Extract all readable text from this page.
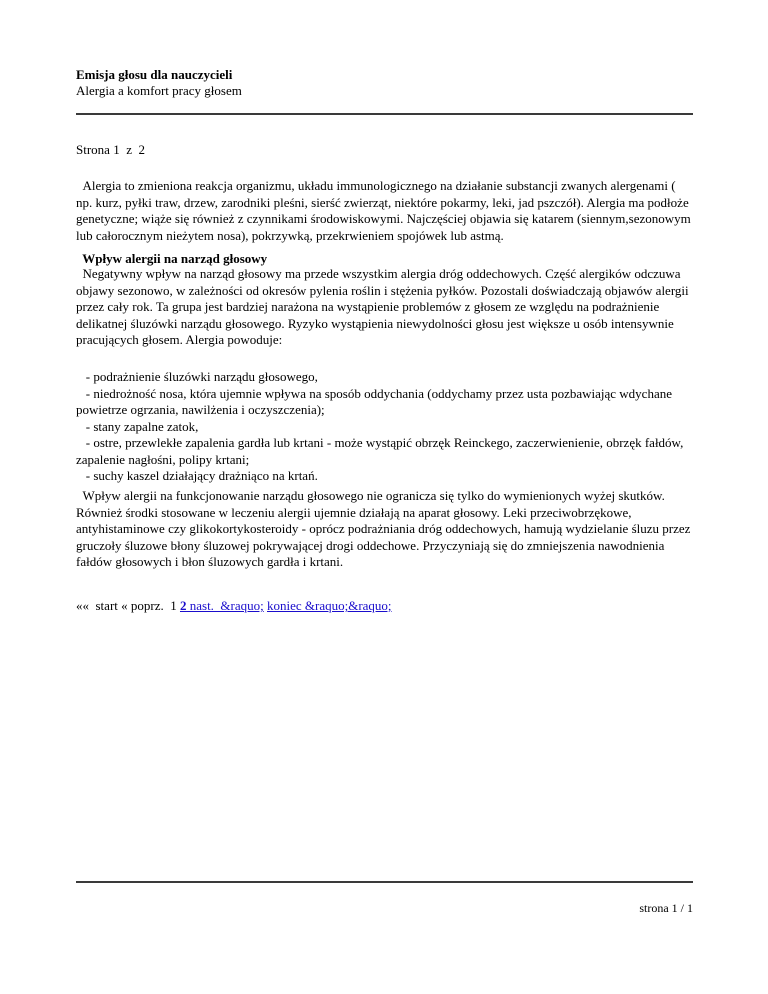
Emisja głosu dla nauczycieli
Alergia a komfort pracy głosem
Strona 1  z  2
Alergia to zmieniona reakcja organizmu, układu immunologicznego na działanie substancji zwanych alergenami ( np. kurz, pyłki traw, drzew, zarodniki pleśni, sierść zwierząt, niektóre pokarmy, leki, jad pszczół). Alergia ma podłoże genetyczne; wiąże się również z czynnikami środowiskowymi. Najczęściej objawia się katarem (siennym,sezonowym lub całorocznym nieżytem nosa), pokrzywką, przekrwieniem spojówek lub astmą.
Wpływ alergii na narząd głosowy
Negatywny wpływ na narząd głosowy ma przede wszystkim alergia dróg oddechowych. Część alergików odczuwa objawy sezonowo, w zależności od okresów pylenia roślin i stężenia pyłków. Pozostali doświadczają objawów alergii przez cały rok. Ta grupa jest bardziej narażona na wystąpienie problemów z głosem ze względu na podrażnienie delikatnej śluzówki narządu głosowego. Ryzyko wystąpienia niewydolności głosu jest większe u osób intensywnie pracujących głosem. Alergia powoduje:
- podrażnienie śluzówki narządu głosowego,
- niedrożność nosa, która ujemnie wpływa na sposób oddychania (oddychamy przez usta pozbawiając wdychane powietrze ogrzania, nawilżenia i oczyszczenia);
- stany zapalne zatok,
- ostre, przewlekłe zapalenia gardła lub krtani - może wystąpić obrzęk Reinckego, zaczerwienienie, obrzęk fałdów, zapalenie nagłośni, polipy krtani;
- suchy kaszel działający drażniąco na krtań.
Wpływ alergii na funkcjonowanie narządu głosowego nie ogranicza się tylko do wymienionych wyżej skutków. Również środki stosowane w leczeniu alergii ujemnie działają na aparat głosowy. Leki przeciwobrzękowe, antyhistaminowe czy glikokortykosteroidy - oprócz podrażniania dróg oddechowych, hamują wydzielanie śluzu przez gruczoły śluzowe błony śluzowej pokrywającej drogi oddechowe. Przyczyniają się do zmniejszenia nawodnienia fałdów głosowych i błon śluzowych gardła i krtani.
««  start « poprz.  1 2 nast.  &raquo; koniec &raquo;&raquo;
strona 1 / 1
